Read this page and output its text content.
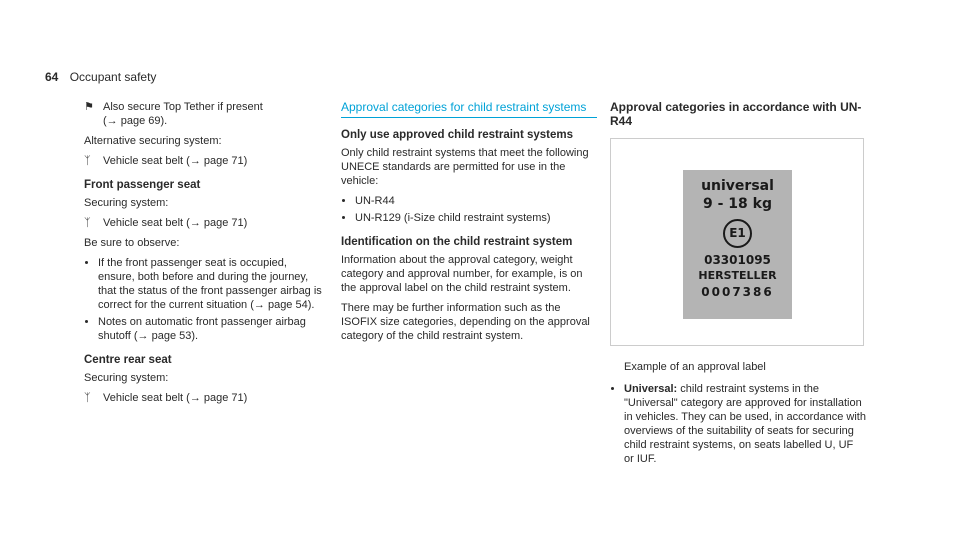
64 Occupant safety
⚑ Also secure Top Tether if present
(→ page 69).

Alternative securing system:

ᛉ	Vehicle seat belt (→ page 71)
Front passenger seat

Securing system:

ᛉ	Vehicle seat belt (→ page 71)

Be sure to observe:

• If the front passenger seat is occupied, ensure, both before and during the journey, that the status of the front passenger airbag is correct for the current situation (→ page 54).
• Notes on automatic front passenger airbag shutoff (→ page 53).
Centre rear seat

Securing system:

ᛉ	Vehicle seat belt (→ page 71)
Approval categories for child restraint systems
Only use approved child restraint systems

Only child restraint systems that meet the following UNECE standards are permitted for use in the vehicle:

• UN-R44
• UN-R129 (i-Size child restraint systems)
Identification on the child restraint system

Information about the approval category, weight category and approval number, for example, is on the approval label on the child restraint system.

There may be further information such as the ISOFIX size categories, depending on the approval category of the child restraint system.

Approval categories in accordance with UN-R44
universal
9 - 18 kg
E1
03301095
HERSTELLER
0007386

Example of an approval label

• Universal: child restraint systems in the "Universal" category are approved for installation in vehicles. They can be used, in accordance with overviews of the suitability of seats for securing child restraint systems, on seats labelled U, UF or IUF.
